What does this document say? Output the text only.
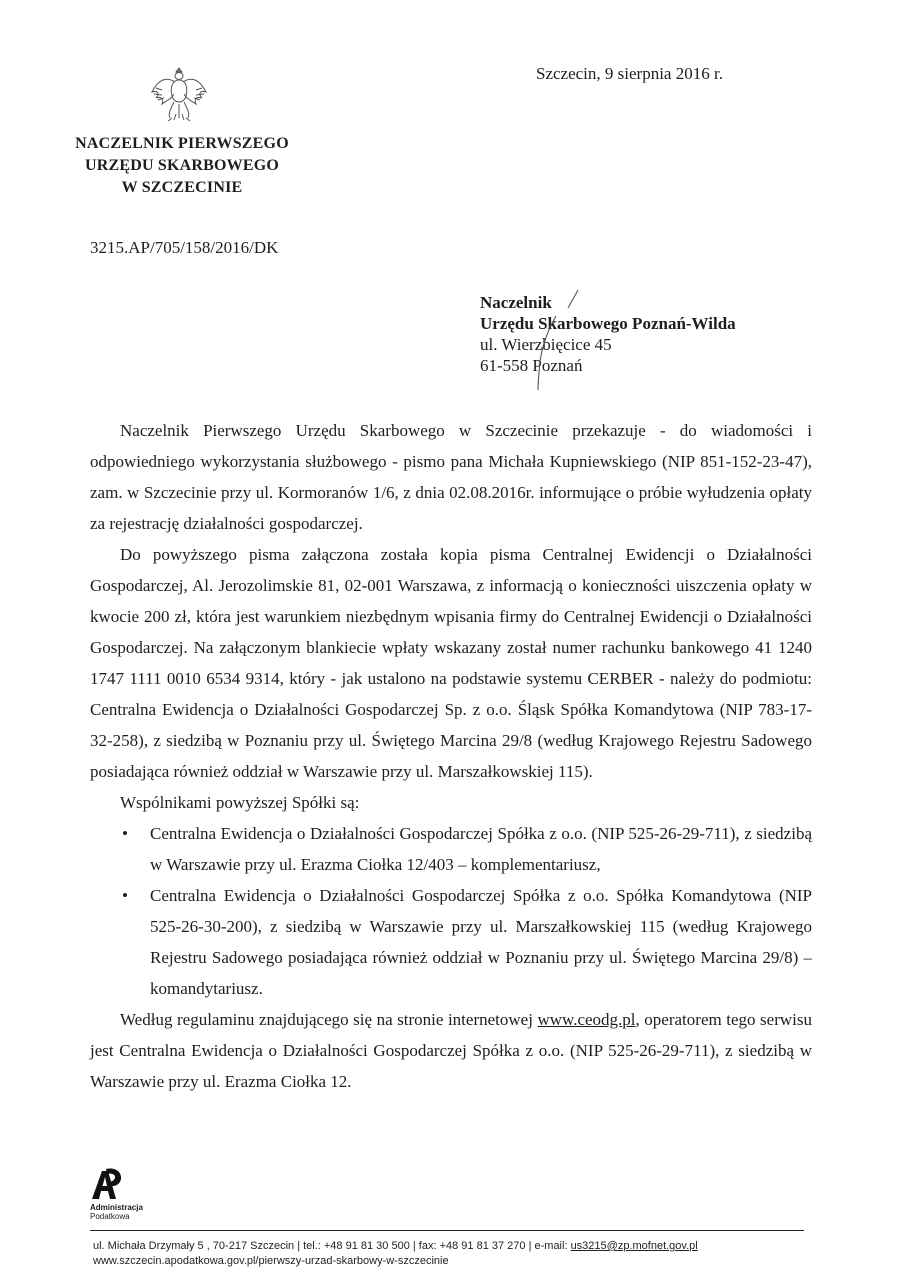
NACZELNIK PIERWSZEGO
URZĘDU SKARBOWEGO
W SZCZECINIE
Szczecin, 9 sierpnia 2016 r.
3215.AP/705/158/2016/DK
Naczelnik
Urzędu Skarbowego Poznań-Wilda
ul. Wierzbięcice 45
61-558 Poznań

Naczelnik Pierwszego Urzędu Skarbowego w Szczecinie przekazuje - do wiadomości i odpowiedniego wykorzystania służbowego - pismo pana Michała Kupniewskiego (NIP 851-152-23-47), zam. w Szczecinie przy ul. Kormoranów 1/6, z dnia 02.08.2016r. informujące o próbie wyłudzenia opłaty za rejestrację działalności gospodarczej.

Do powyższego pisma załączona została kopia pisma Centralnej Ewidencji o Działalności Gospodarczej, Al. Jerozolimskie 81, 02-001 Warszawa, z informacją o konieczności uiszczenia opłaty w kwocie 200 zł, która jest warunkiem niezbędnym wpisania firmy do Centralnej Ewidencji o Działalności Gospodarczej. Na załączonym blankiecie wpłaty wskazany został numer rachunku bankowego 41 1240 1747 1111 0010 6534 9314, który - jak ustalono na podstawie systemu CERBER - należy do podmiotu: Centralna Ewidencja o Działalności Gospodarczej Sp. z o.o. Śląsk Spółka Komandytowa (NIP 783-17-32-258), z siedzibą w Poznaniu przy ul. Świętego Marcina 29/8 (według Krajowego Rejestru Sadowego posiadająca również oddział w Warszawie przy ul. Marszałkowskiej 115).

Wspólnikami powyższej Spółki są:

• Centralna Ewidencja o Działalności Gospodarczej Spółka z o.o. (NIP 525-26-29-711), z siedzibą w Warszawie przy ul. Erazma Ciołka 12/403 – komplementariusz,
• Centralna Ewidencja o Działalności Gospodarczej Spółka z o.o. Spółka Komandytowa (NIP 525-26-30-200), z siedzibą w Warszawie przy ul. Marszałkowskiej 115 (według Krajowego Rejestru Sadowego posiadająca również oddział w Poznaniu przy ul. Świętego Marcina 29/8) – komandytariusz.

Według regulaminu znajdującego się na stronie internetowej www.ceodg.pl, operatorem tego serwisu jest Centralna Ewidencja o Działalności Gospodarczej Spółka z o.o. (NIP 525-26-29-711), z siedzibą w Warszawie przy ul. Erazma Ciołka 12.

Administracja
Podatkowa
ul. Michała Drzymały 5 , 70-217 Szczecin | tel.: +48 91 81 30 500 | fax: +48 91 81 37 270 | e-mail: us3215@zp.mofnet.gov.pl
www.szczecin.apodatkowa.gov.pl/pierwszy-urzad-skarbowy-w-szczecinie
